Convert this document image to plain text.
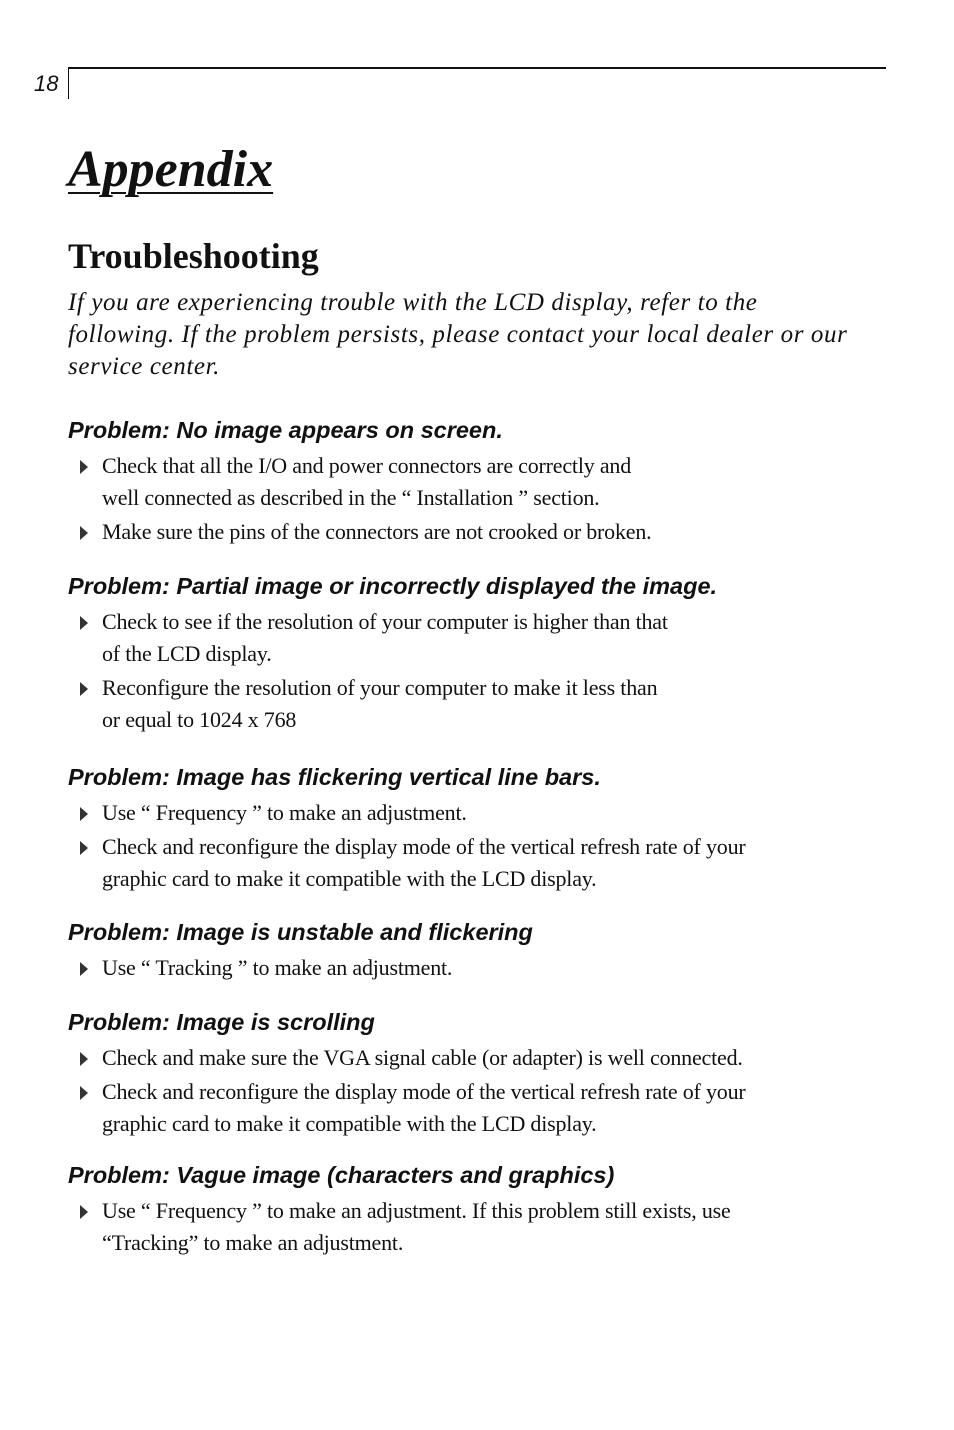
18
Appendix
Troubleshooting

If you are experiencing trouble with the LCD display, refer to the following. If the problem persists, please contact your local dealer or our service center.

Problem: No image appears on screen.
Check that all the I/O and power connectors are correctly and
well connected as described in the “ Installation ” section.
Make sure the pins of the connectors are not crooked or broken.
Problem: Partial image or incorrectly displayed the image.
Check to see if the resolution of your computer is higher than that
of the LCD display.
Reconfigure the resolution of your computer to make it less than
or equal to 1024 x 768
Problem: Image has flickering vertical line bars.
Use “ Frequency ” to make an adjustment.
Check and reconfigure the display mode of the vertical refresh rate of your
graphic card to make it compatible with the LCD display.
Problem: Image is unstable and flickering
Use “ Tracking ” to make an adjustment.
Problem: Image is scrolling
Check and make sure the VGA signal cable (or adapter) is well connected.
Check and reconfigure the display mode of the vertical refresh rate of your
graphic card to make it compatible with the LCD display.
Problem: Vague image (characters and graphics)
Use “ Frequency ” to make an adjustment. If this problem still exists, use
“Tracking” to make an adjustment.
